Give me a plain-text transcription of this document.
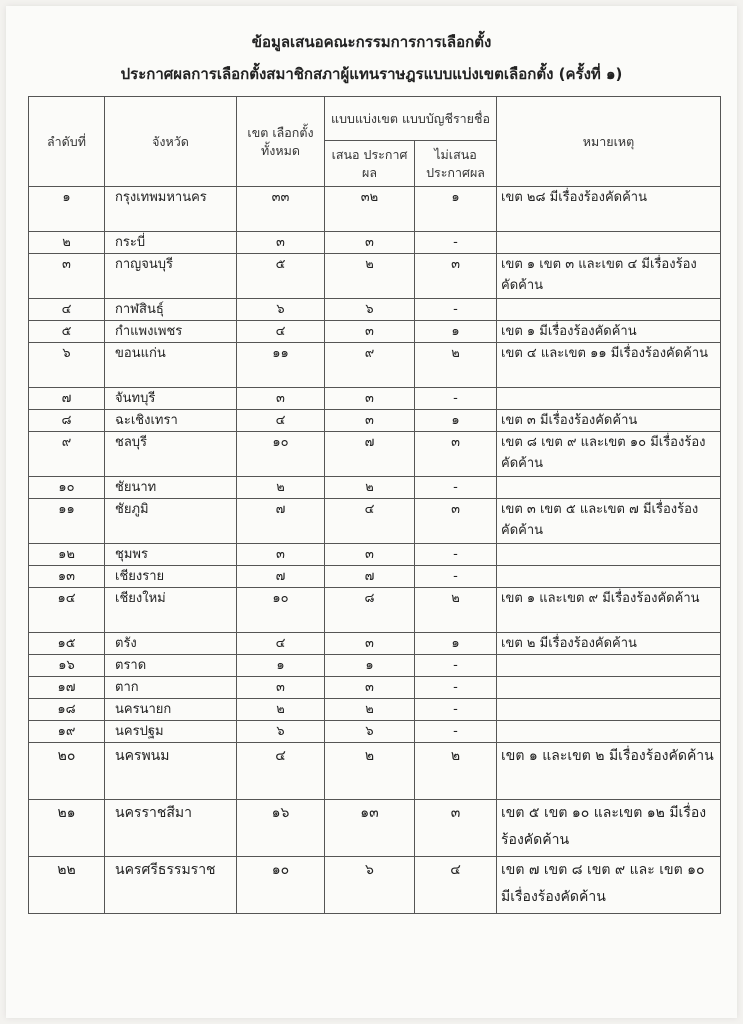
ข้อมูลเสนอคณะกรรมการการเลือกตั้ง
ประกาศผลการเลือกตั้งสมาชิกสภาผู้แทนราษฎรแบบแบ่งเขตเลือกตั้ง (ครั้งที่ ๑)
ลำดับที่	จังหวัด	เขต เลือกตั้ง ทั้งหมด	แบบแบ่งเขต แบบบัญชีรายชื่อ		หมายเหตุ
			เสนอ ประกาศผล	ไม่เสนอ ประกาศผล	
๑	กรุงเทพมหานคร	๓๓	๓๒	๑	เขต ๒๘ มีเรื่องร้องคัดค้าน
๒	กระบี่	๓	๓	-	
๓	กาญจนบุรี	๕	๒	๓	เขต ๑ เขต ๓ และเขต ๔ มีเรื่องร้องคัดค้าน
๔	กาฬสินธุ์	๖	๖	-	
๕	กำแพงเพชร	๔	๓	๑	เขต ๑ มีเรื่องร้องคัดค้าน
๖	ขอนแก่น	๑๑	๙	๒	เขต ๔ และเขต ๑๑ มีเรื่องร้องคัดค้าน
๗	จันทบุรี	๓	๓	-	
๘	ฉะเชิงเทรา	๔	๓	๑	เขต ๓ มีเรื่องร้องคัดค้าน
๙	ชลบุรี	๑๐	๗	๓	เขต ๘ เขต ๙ และเขต ๑๐ มีเรื่องร้องคัดค้าน
๑๐	ชัยนาท	๒	๒	-	
๑๑	ชัยภูมิ	๗	๔	๓	เขต ๓ เขต ๕ และเขต ๗ มีเรื่องร้องคัดค้าน
๑๒	ชุมพร	๓	๓	-	
๑๓	เชียงราย	๗	๗	-	
๑๔	เชียงใหม่	๑๐	๘	๒	เขต ๑ และเขต ๙ มีเรื่องร้องคัดค้าน
๑๕	ตรัง	๔	๓	๑	เขต ๒ มีเรื่องร้องคัดค้าน
๑๖	ตราด	๑	๑	-	
๑๗	ตาก	๓	๓	-	
๑๘	นครนายก	๒	๒	-	
๑๙	นครปฐม	๖	๖	-	
๒๐	นครพนม	๔	๒	๒	เขต ๑ และเขต ๒ มีเรื่องร้องคัดค้าน
๒๑	นครราชสีมา	๑๖	๑๓	๓	เขต ๕ เขต ๑๐ และเขต ๑๒ มีเรื่องร้องคัดค้าน
๒๒	นครศรีธรรมราช	๑๐	๖	๔	เขต ๗ เขต ๘ เขต ๙ และ เขต ๑๐ มีเรื่องร้องคัดค้าน
